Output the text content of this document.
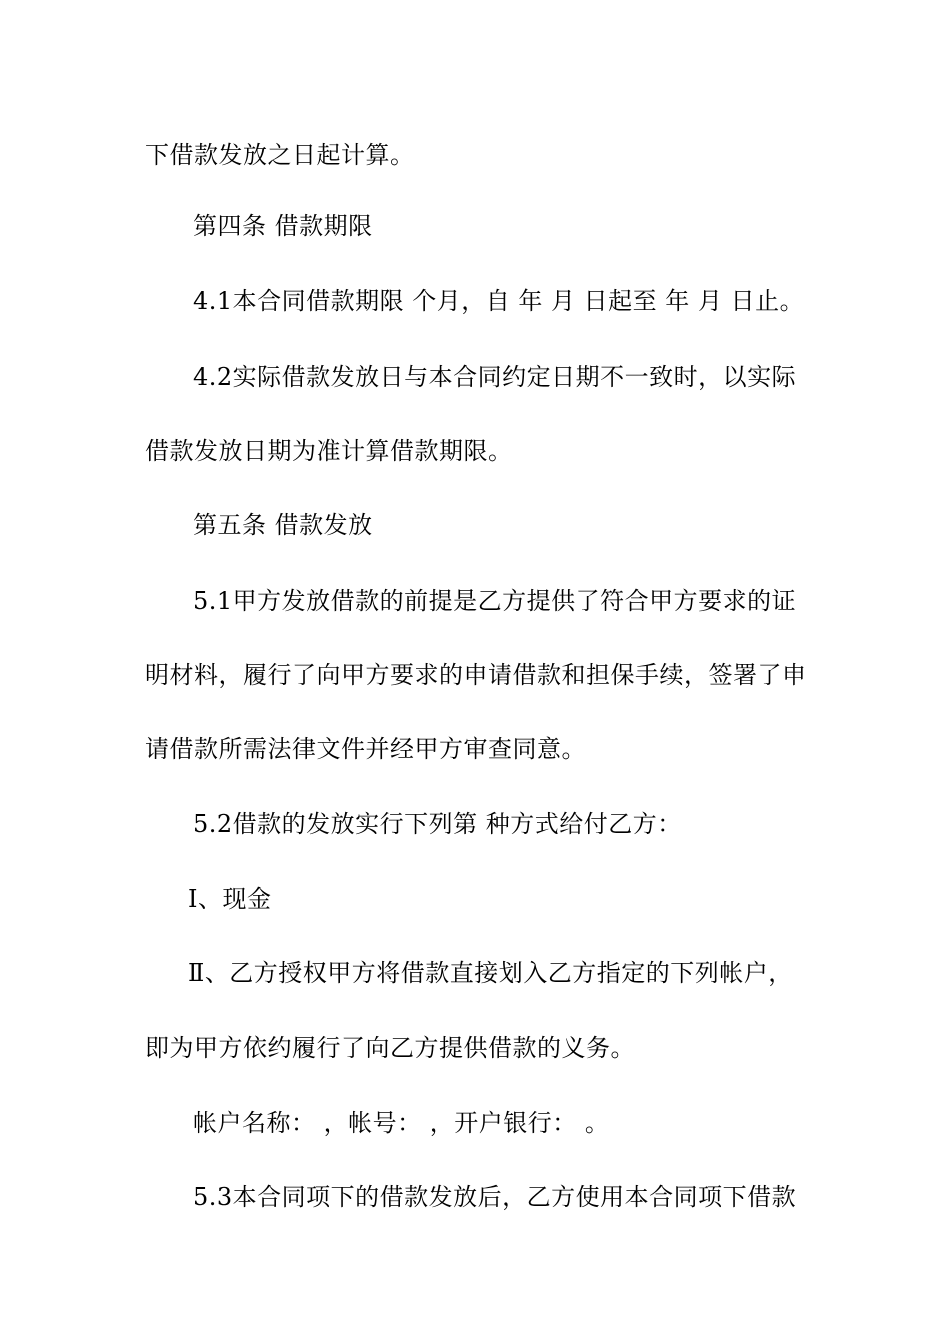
下借款发放之日起计算。
第四条 借款期限
4.1本合同借款期限 个月，自 年 月 日起至 年 月 日止。
4.2实际借款发放日与本合同约定日期不一致时，以实际
借款发放日期为准计算借款期限。
第五条 借款发放
5.1甲方发放借款的前提是乙方提供了符合甲方要求的证
明材料，履行了向甲方要求的申请借款和担保手续，签署了申
请借款所需法律文件并经甲方审查同意。
5.2借款的发放实行下列第 种方式给付乙方：
Ⅰ、现金
Ⅱ、乙方授权甲方将借款直接划入乙方指定的下列帐户，
即为甲方依约履行了向乙方提供借款的义务。
帐户名称： ，帐号： ，开户银行： 。
5.3本合同项下的借款发放后，乙方使用本合同项下借款
